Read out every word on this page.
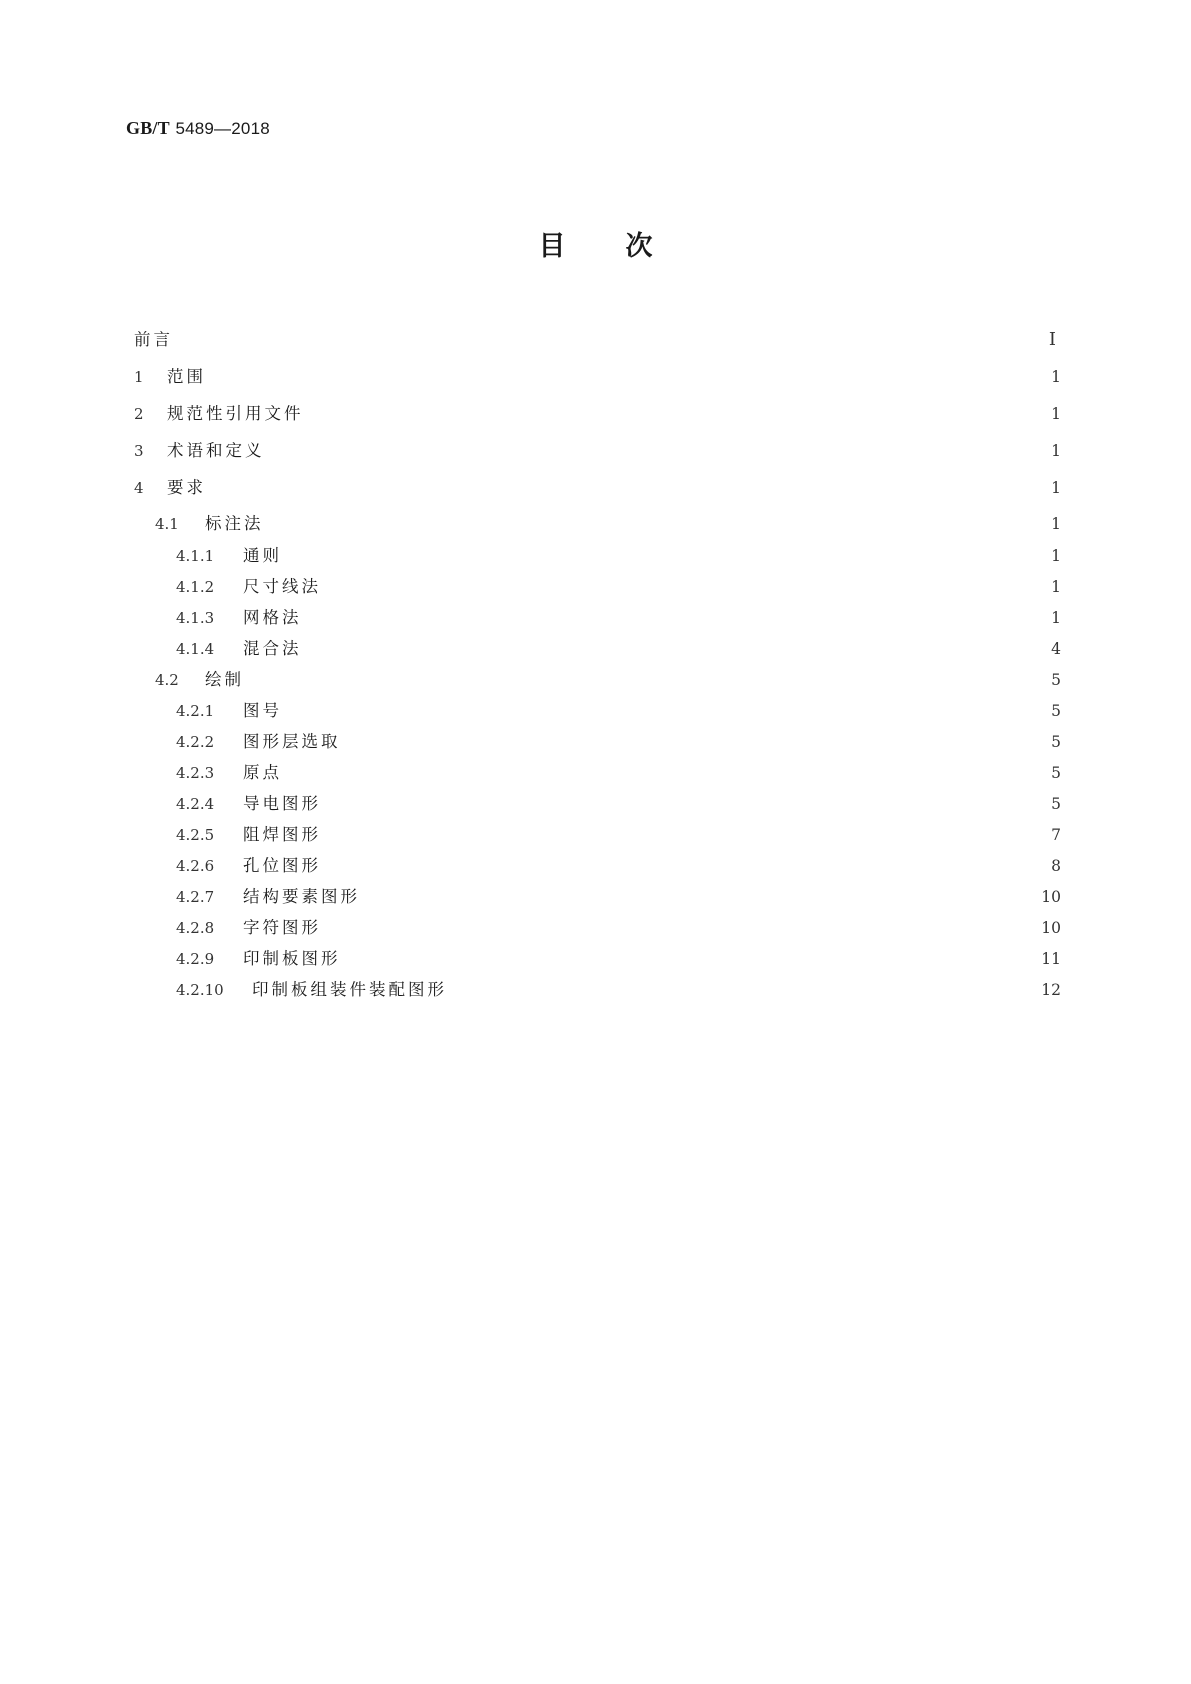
GB/T 5489—2018
目次
前言	Ⅰ
1	范围	1
2	规范性引用文件	1
3	术语和定义	1
4	要求	1
4.1	标注法	1
4.1.1	通则	1
4.1.2	尺寸线法	1
4.1.3	网格法	1
4.1.4	混合法	4
4.2	绘制	5
4.2.1	图号	5
4.2.2	图形层选取	5
4.2.3	原点	5
4.2.4	导电图形	5
4.2.5	阻焊图形	7
4.2.6	孔位图形	8
4.2.7	结构要素图形	10
4.2.8	字符图形	10
4.2.9	印制板图形	11
4.2.10	印制板组装件装配图形	12
